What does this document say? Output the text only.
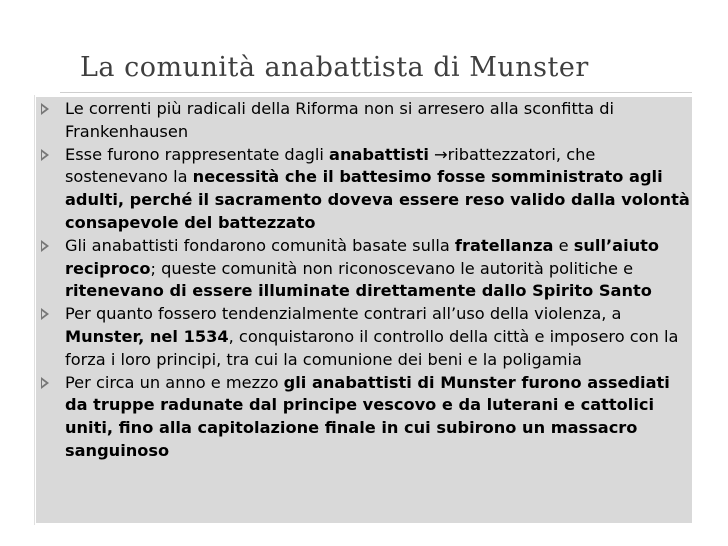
La comunità anabattista di Munster
Le correnti più radicali della Riforma non si arresero alla sconfitta di Frankenhausen
Esse furono rappresentate dagli anabattisti →ribattezzatori, che sostenevano la necessità che il battesimo fosse somministrato agli adulti, perché il sacramento doveva essere reso valido dalla volontà consapevole del battezzato
Gli anabattisti fondarono comunità basate sulla fratellanza e sull’aiuto reciproco; queste comunità non riconoscevano le autorità politiche e ritenevano di essere illuminate direttamente dallo Spirito Santo
Per quanto fossero tendenzialmente contrari all’uso della violenza, a Munster, nel 1534, conquistarono il controllo della città e imposero con la forza i loro principi, tra cui la comunione dei beni e la poligamia
Per circa un anno e mezzo gli anabattisti di Munster furono assediati da truppe radunate dal principe vescovo e da luterani e cattolici uniti, fino alla capitolazione finale in cui subirono un massacro sanguinoso
